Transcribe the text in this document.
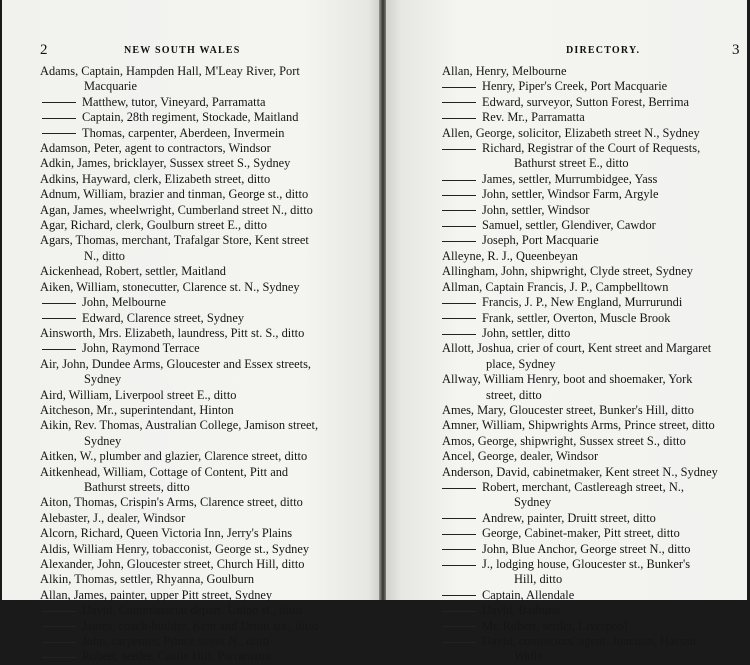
2	NEW SOUTH WALES
Adams, Captain, Hampden Hall, M'Leay River, Port
Macquarie
Matthew, tutor, Vineyard, Parramatta
Captain, 28th regiment, Stockade, Maitland
Thomas, carpenter, Aberdeen, Invermein
Adamson, Peter, agent to contractors, Windsor
Adkin, James, bricklayer, Sussex street S., Sydney
Adkins, Hayward, clerk, Elizabeth street, ditto
Adnum, William, brazier and tinman, George st., ditto
Agan, James, wheelwright, Cumberland street N., ditto
Agar, Richard, clerk, Goulburn street E., ditto
Agars, Thomas, merchant, Trafalgar Store, Kent street
N., ditto
Aickenhead, Robert, settler, Maitland
Aiken, William, stonecutter, Clarence st. N., Sydney
John, Melbourne
Edward, Clarence street, Sydney
Ainsworth, Mrs. Elizabeth, laundress, Pitt st. S., ditto
John, Raymond Terrace
Air, John, Dundee Arms, Gloucester and Essex streets,
Sydney
Aird, William, Liverpool street E., ditto
Aitcheson, Mr., superintendant, Hinton
Aikin, Rev. Thomas, Australian College, Jamison street,
Sydney
Aitken, W., plumber and glazier, Clarence street, ditto
Aitkenhead, William, Cottage of Content, Pitt and
Bathurst streets, ditto
Aiton, Thomas, Crispin's Arms, Clarence street, ditto
Alebaster, J., dealer, Windsor
Alcorn, Richard, Queen Victoria Inn, Jerry's Plains
Aldis, William Henry, tobacconist, George st., Sydney
Alexander, John, Gloucester street, Church Hill, ditto
Alkin, Thomas, settler, Rhyanna, Goulburn
Allan, James, painter, upper Pitt street, Sydney
David, Commissariat depart. Union st., ditto
James, coach-builder, Kent and Druitt sts., ditto
John, carpenter, Prince street N., ditto
Robert, settler, Castle Hill, Parramatta
DIRECTORY.	3
Allan, Henry, Melbourne
Henry, Piper's Creek, Port Macquarie
Edward, surveyor, Sutton Forest, Berrima
Rev. Mr., Parramatta
Allen, George, solicitor, Elizabeth street N., Sydney
Richard, Registrar of the Court of Requests,
Bathurst street E., ditto
James, settler, Murrumbidgee, Yass
John, settler, Windsor Farm, Argyle
John, settler, Windsor
Samuel, settler, Glendiver, Cawdor
Joseph, Port Macquarie
Alleyne, R. J., Queenbeyan
Allingham, John, shipwright, Clyde street, Sydney
Allman, Captain Francis, J. P., Campbelltown
Francis, J. P., New England, Murrurundi
Frank, settler, Overton, Muscle Brook
John, settler, ditto
Allott, Joshua, crier of court, Kent street and Margaret
place, Sydney
Allway, William Henry, boot and shoemaker, York
street, ditto
Ames, Mary, Gloucester street, Bunker's Hill, ditto
Amner, William, Shipwrights Arms, Prince street, ditto
Amos, George, shipwright, Sussex street S., ditto
Ancel, George, dealer, Windsor
Anderson, David, cabinetmaker, Kent street N., Sydney
Robert, merchant, Castlereagh street, N.,
Sydney
Andrew, painter, Druitt street, ditto
George, Cabinet-maker, Pitt street, ditto
John, Blue Anchor, George street N., ditto
J., lodging house, Gloucester st., Bunker's
Hill, ditto
Captain, Allendale
David, Bathurst
Mr. Robert, settler, Liverpool
David, contractors' agent, Junction, Hassan
Walls
